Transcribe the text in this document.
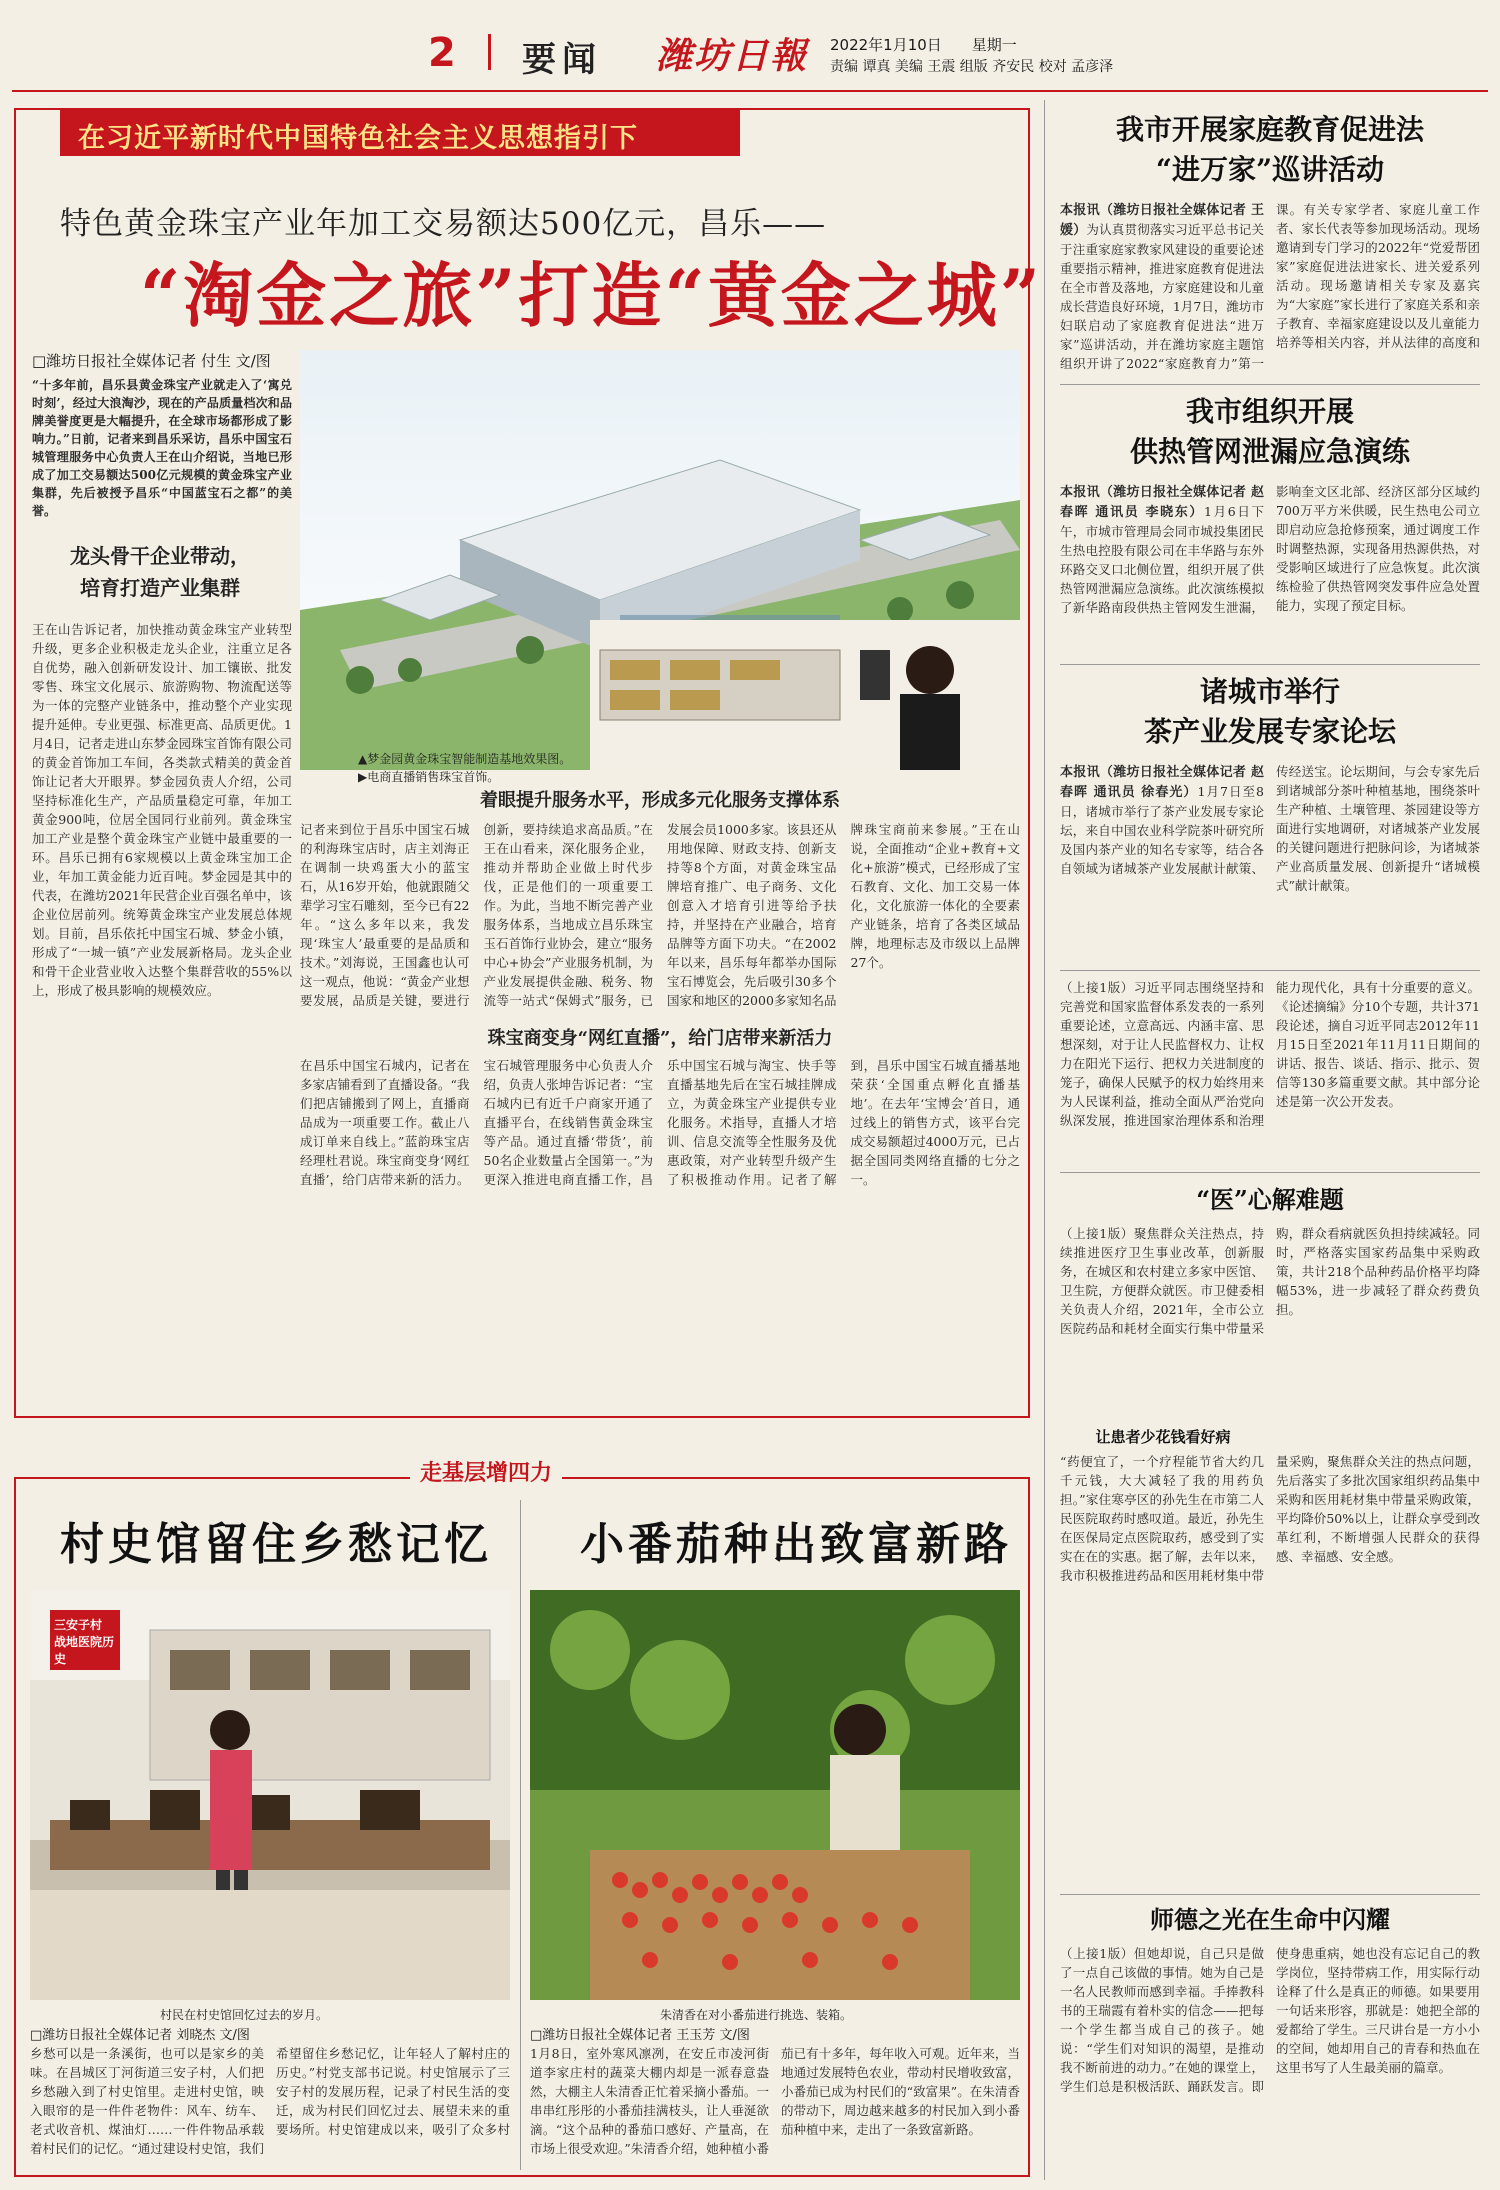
2 要闻 潍坊日報 2022年1月10日　　星期一
责编 谭真 美编 王震 组版 齐安民 校对 孟彦泽
在习近平新时代中国特色社会主义思想指引下
特色黄金珠宝产业年加工交易额达500亿元，昌乐——
“淘金之旅”打造“黄金之城”
□潍坊日报社全媒体记者 付生 文/图
“十多年前，昌乐县黄金珠宝产业就走入了‘寓兑时刻’，经过大浪淘沙，现在的产品质量档次和品牌美誉度更是大幅提升，在全球市场都形成了影响力。”日前，记者来到昌乐采访，昌乐中国宝石城管理服务中心负责人王在山介绍说，当地已形成了加工交易额达500亿元规模的黄金珠宝产业集群，先后被授予昌乐“中国蓝宝石之都”的美誉。
龙头骨干企业带动，
培育打造产业集群
王在山告诉记者，加快推动黄金珠宝产业转型升级，更多企业积极走龙头企业，注重立足各自优势，融入创新研发设计、加工镶嵌、批发零售、珠宝文化展示、旅游购物、物流配送等为一体的完整产业链条中，推动整个产业实现提升延伸。专业更强、标准更高、品质更优。1月4日，记者走进山东梦金园珠宝首饰有限公司的黄金首饰加工车间，各类款式精美的黄金首饰让记者大开眼界。梦金园负责人介绍，公司坚持标准化生产，产品质量稳定可靠，年加工黄金900吨，位居全国同行业前列。黄金珠宝加工产业是整个黄金珠宝产业链中最重要的一环。昌乐已拥有6家规模以上黄金珠宝加工企业，年加工黄金能力近百吨。梦金园是其中的代表，在潍坊2021年民营企业百强名单中，该企业位居前列。统筹黄金珠宝产业发展总体规划。目前，昌乐依托中国宝石城、梦金小镇，形成了“一城一镇”产业发展新格局。龙头企业和骨干企业营业收入达整个集群营收的55%以上，形成了极具影响的规模效应。
▲梦金园黄金珠宝智能制造基地效果图。
▶电商直播销售珠宝首饰。
着眼提升服务水平，形成多元化服务支撑体系
记者来到位于昌乐中国宝石城的利海珠宝店时，店主刘海正在调制一块鸡蛋大小的蓝宝石，从16岁开始，他就跟随父辈学习宝石雕刻，至今已有22年。“这么多年以来，我发现‘珠宝人’最重要的是品质和技术。”刘海说，王国鑫也认可这一观点，他说：“黄金产业想要发展，品质是关键，要进行创新，要持续追求高品质。”在王在山看来，深化服务企业，推动并帮助企业做上时代步伐，正是他们的一项重要工作。为此，当地不断完善产业服务体系，当地成立昌乐珠宝玉石首饰行业协会，建立“服务中心+协会”产业服务机制，为产业发展提供金融、税务、物流等一站式“保姆式”服务，已发展会员1000多家。该县还从用地保障、财政支持、创新支持等8个方面，对黄金珠宝品牌培育推广、电子商务、文化创意入才培育引进等给予扶持，并坚持在产业融合，培育品牌等方面下功夫。“在2002年以来，昌乐每年都举办国际宝石博览会，先后吸引30多个国家和地区的2000多家知名品牌珠宝商前来参展。”王在山说，全面推动“企业+教育+文化+旅游”模式，已经形成了宝石教育、文化、加工交易一体化，文化旅游一体化的全要素产业链条，培育了各类区域品牌，地理标志及市级以上品牌27个。
珠宝商变身“网红直播”，给门店带来新活力
在昌乐中国宝石城内，记者在多家店铺看到了直播设备。“我们把店铺搬到了网上，直播商品成为一项重要工作。截止八成订单来自线上。”蓝韵珠宝店经理杜君说。珠宝商变身‘网红直播’，给门店带来新的活力。宝石城管理服务中心负责人介绍，负责人张坤告诉记者：“宝石城内已有近千户商家开通了直播平台，在线销售黄金珠宝等产品。通过直播‘带货’，前50名企业数量占全国第一。”为更深入推进电商直播工作，昌乐中国宝石城与淘宝、快手等直播基地先后在宝石城挂牌成立，为黄金珠宝产业提供专业化服务。术指导，直播人才培训、信息交流等全性服务及优惠政策，对产业转型升级产生了积极推动作用。记者了解到，昌乐中国宝石城直播基地荣获‘全国重点孵化直播基地’。在去年‘宝博会’首日，通过线上的销售方式，该平台完成交易额超过4000万元，已占据全国同类网络直播的七分之一。
我市开展家庭教育促进法
“进万家”巡讲活动
本报讯（潍坊日报社全媒体记者 王媛）为认真贯彻落实习近平总书记关于注重家庭家教家风建设的重要论述重要指示精神，推进家庭教育促进法在全市普及落地，方家庭建设和儿童成长营造良好环境，1月7日，潍坊市妇联启动了家庭教育促进法“进万家”巡讲活动，并在潍坊家庭主题馆组织开讲了2022“家庭教育力”第一课。有关专家学者、家庭儿童工作者、家长代表等参加现场活动。现场邀请到专门学习的2022年“党爱帮团家”家庭促进法进家长、进关爱系列活动。现场邀请相关专家及嘉宾为“大家庭”家长进行了家庭关系和亲子教育、幸福家庭建设以及儿童能力培养等相关内容，并从法律的高度和
我市组织开展
供热管网泄漏应急演练
本报讯（潍坊日报社全媒体记者 赵春晖 通讯员 李晓东）1月6日下午，市城市管理局会同市城投集团民生热电控股有限公司在丰华路与东外环路交叉口北侧位置，组织开展了供热管网泄漏应急演练。此次演练模拟了新华路南段供热主管网发生泄漏，影响奎文区北部、经济区部分区域约700万平方米供暖，民生热电公司立即启动应急抢修预案，通过调度工作时调整热源，实现备用热源供热，对受影响区域进行了应急恢复。此次演练检验了供热管网突发事件应急处置能力，实现了预定目标。
诸城市举行
茶产业发展专家论坛
本报讯（潍坊日报社全媒体记者 赵春晖 通讯员 徐春光）1月7日至8日，诸城市举行了茶产业发展专家论坛，来自中国农业科学院茶叶研究所及国内茶产业的知名专家等，结合各自领域为诸城茶产业发展献计献策、传经送宝。论坛期间，与会专家先后到诸城部分茶叶种植基地，围绕茶叶生产种植、土壤管理、茶园建设等方面进行实地调研，对诸城茶产业发展的关键问题进行把脉问诊，为诸城茶产业高质量发展、创新提升“诸城模式”献计献策。
（上接1版）习近平同志围绕坚持和完善党和国家监督体系发表的一系列重要论述，立意高远、内涵丰富、思想深刻，对于让人民监督权力、让权力在阳光下运行、把权力关进制度的笼子，确保人民赋予的权力始终用来为人民谋利益，推动全面从严治党向纵深发展，推进国家治理体系和治理能力现代化，具有十分重要的意义。《论述摘编》分10个专题，共计371段论述，摘自习近平同志2012年11月15日至2021年11月11日期间的讲话、报告、谈话、指示、批示、贺信等130多篇重要文献。其中部分论述是第一次公开发表。
“医”心解难题
（上接1版）聚焦群众关注热点，持续推进医疗卫生事业改革，创新服务，在城区和农村建立多家中医馆、卫生院，方便群众就医。市卫健委相关负责人介绍，2021年，全市公立医院药品和耗材全面实行集中带量采购，群众看病就医负担持续减轻。同时，严格落实国家药品集中采购政策，共计218个品种药品价格平均降幅53%，进一步减轻了群众药费负担。
让患者少花钱看好病
“药便宜了，一个疗程能节省大约几千元钱，大大减轻了我的用药负担。”家住寒亭区的孙先生在市第二人民医院取药时感叹道。最近，孙先生在医保局定点医院取药，感受到了实实在在的实惠。据了解，去年以来，我市积极推进药品和医用耗材集中带量采购，聚焦群众关注的热点问题，先后落实了多批次国家组织药品集中采购和医用耗材集中带量采购政策，平均降价50%以上，让群众享受到改革红利，不断增强人民群众的获得感、幸福感、安全感。
师德之光在生命中闪耀
（上接1版）但她却说，自己只是做了一点自己该做的事情。她为自己是一名人民教师而感到幸福。手捧教科书的王瑞霞有着朴实的信念——把每一个学生都当成自己的孩子。她说：“学生们对知识的渴望，是推动我不断前进的动力。”在她的课堂上，学生们总是积极活跃、踊跃发言。即使身患重病，她也没有忘记自己的教学岗位，坚持带病工作，用实际行动诠释了什么是真正的师德。如果要用一句话来形容，那就是：她把全部的爱都给了学生。三尺讲台是一方小小的空间，她却用自己的青春和热血在这里书写了人生最美丽的篇章。
走基层增四力
村史馆留住乡愁记忆
三安子村
战地医院历史
村民在村史馆回忆过去的岁月。
□潍坊日报社全媒体记者 刘晓杰 文/图
乡愁可以是一条溪街，也可以是家乡的美味。在昌城区丁河街道三安子村，人们把乡愁融入到了村史馆里。走进村史馆，映入眼帘的是一件件老物件：风车、纺车、老式收音机、煤油灯……一件件物品承载着村民们的记忆。“通过建设村史馆，我们希望留住乡愁记忆，让年轻人了解村庄的历史。”村党支部书记说。村史馆展示了三安子村的发展历程，记录了村民生活的变迁，成为村民们回忆过去、展望未来的重要场所。村史馆建成以来，吸引了众多村
小番茄种出致富新路
朱清香在对小番茄进行挑选、装箱。
□潍坊日报社全媒体记者 王玉芳 文/图
1月8日，室外寒风凛冽，在安丘市凌河街道李家庄村的蔬菜大棚内却是一派春意盎然，大棚主人朱清香正忙着采摘小番茄。一串串红彤彤的小番茄挂满枝头，让人垂涎欲滴。“这个品种的番茄口感好、产量高，在市场上很受欢迎。”朱清香介绍，她种植小番茄已有十多年，每年收入可观。近年来，当地通过发展特色农业，带动村民增收致富，小番茄已成为村民们的“致富果”。在朱清香的带动下，周边越来越多的村民加入到小番茄种植中来，走出了一条致富新路。
